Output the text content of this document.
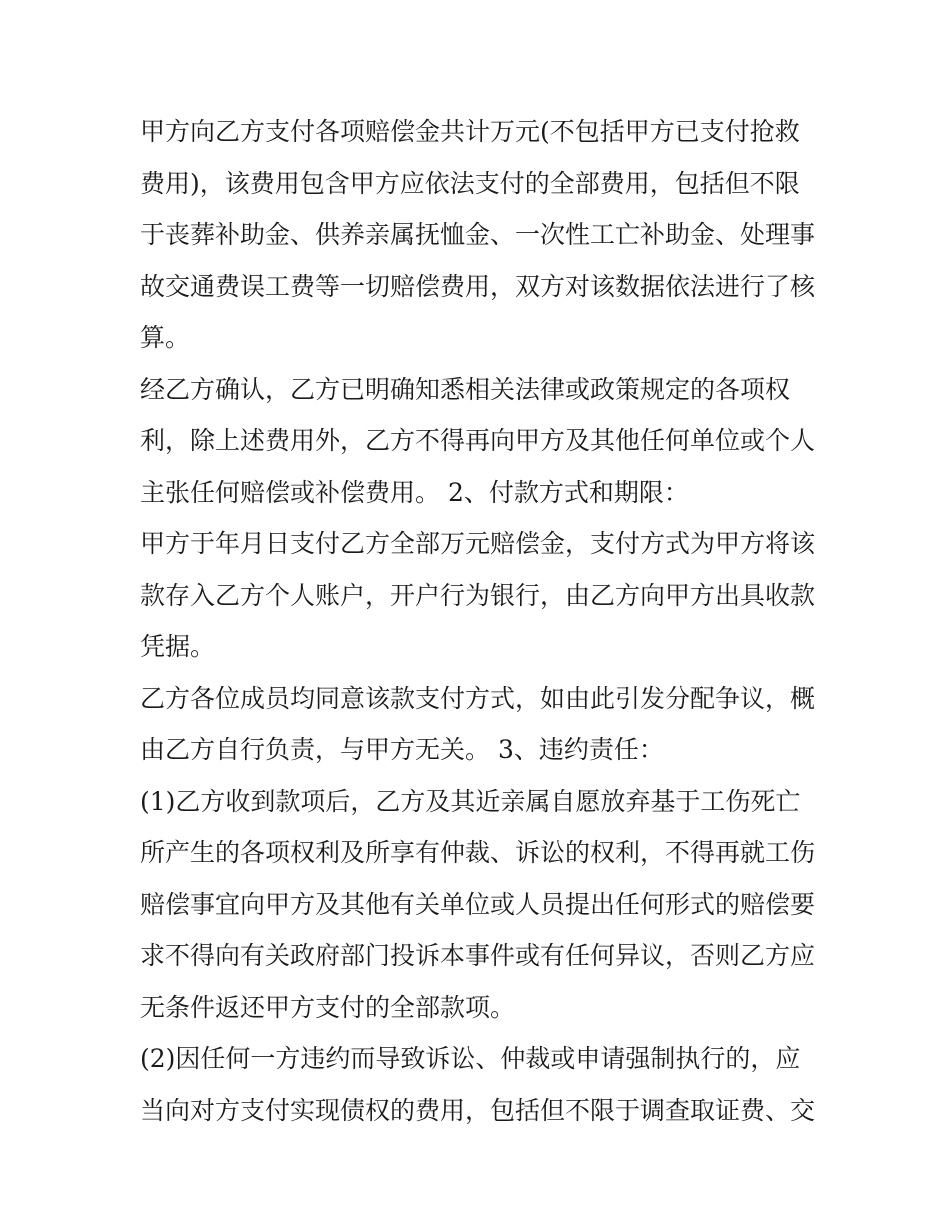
甲方向乙方支付各项赔偿金共计万元(不包括甲方已支付抢救
费用)，该费用包含甲方应依法支付的全部费用，包括但不限
于丧葬补助金、供养亲属抚恤金、一次性工亡补助金、处理事
故交通费误工费等一切赔偿费用，双方对该数据依法进行了核
算。
经乙方确认，乙方已明确知悉相关法律或政策规定的各项权
利，除上述费用外，乙方不得再向甲方及其他任何单位或个人
主张任何赔偿或补偿费用。 2、付款方式和期限：
甲方于年月日支付乙方全部万元赔偿金，支付方式为甲方将该
款存入乙方个人账户，开户行为银行，由乙方向甲方出具收款
凭据。
乙方各位成员均同意该款支付方式，如由此引发分配争议，概
由乙方自行负责，与甲方无关。 3、违约责任：
(1)乙方收到款项后，乙方及其近亲属自愿放弃基于工伤死亡
所产生的各项权利及所享有仲裁、诉讼的权利，不得再就工伤
赔偿事宜向甲方及其他有关单位或人员提出任何形式的赔偿要
求不得向有关政府部门投诉本事件或有任何异议，否则乙方应
无条件返还甲方支付的全部款项。
(2)因任何一方违约而导致诉讼、仲裁或申请强制执行的，应
当向对方支付实现债权的费用，包括但不限于调查取证费、交
